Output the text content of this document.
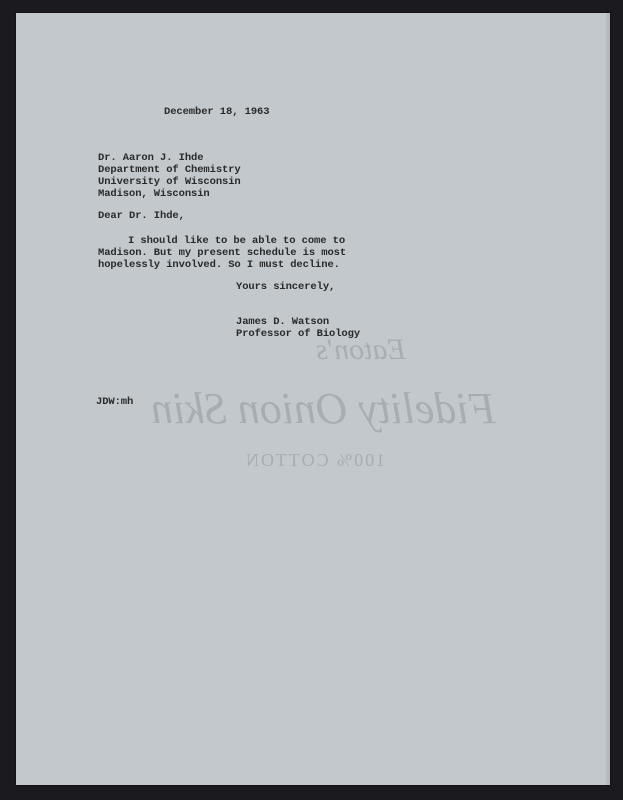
Eaton's
Fidelity Onion Skin
100% COTTON
December 18, 1963
Dr. Aaron J. Ihde
Department of Chemistry
University of Wisconsin
Madison, Wisconsin
Dear Dr. Ihde,
I should like to be able to come to
Madison. But my present schedule is most
hopelessly involved. So I must decline.
Yours sincerely,
James D. Watson
Professor of Biology
JDW:mh
